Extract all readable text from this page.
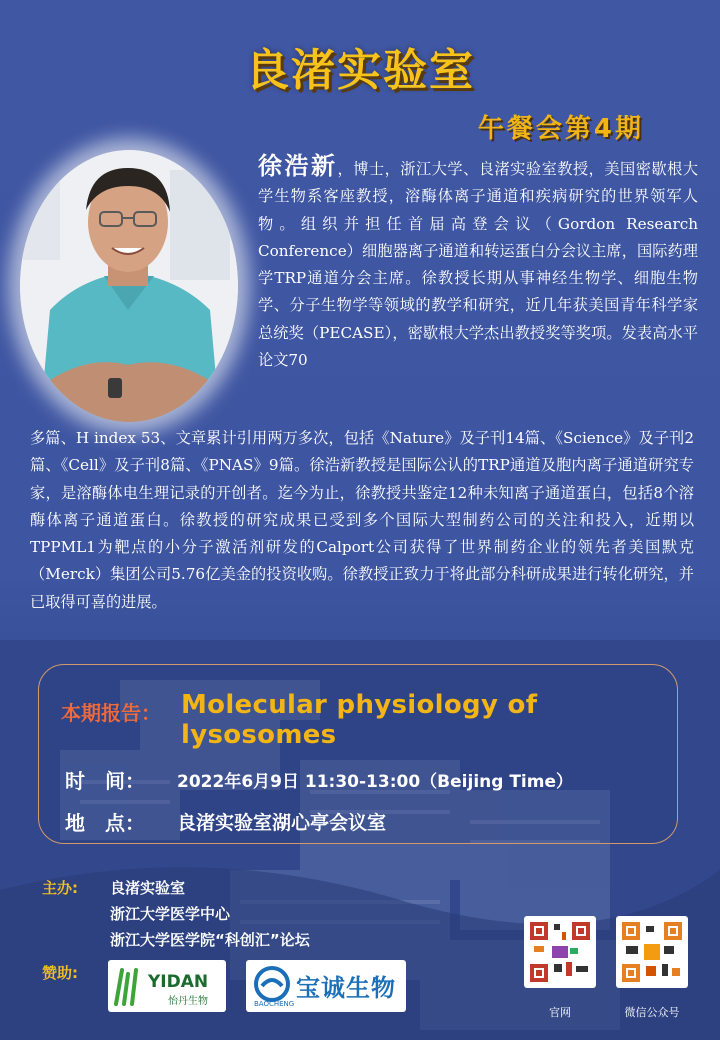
良渚实验室
午餐会第4期
徐浩新，博士，浙江大学、良渚实验室教授，美国密歇根大学生物系客座教授，溶酶体离子通道和疾病研究的世界领军人物。组织并担任首届高登会议（Gordon Research Conference）细胞器离子通道和转运蛋白分会议主席，国际药理学TRP通道分会主席。徐教授长期从事神经生物学、细胞生物学、分子生物学等领域的教学和研究，近几年获美国青年科学家总统奖（PECASE），密歇根大学杰出教授奖等奖项。发表高水平论文70
多篇、H index 53、文章累计引用两万多次，包括《Nature》及子刊14篇、《Science》及子刊2篇、《Cell》及子刊8篇、《PNAS》9篇。徐浩新教授是国际公认的TRP通道及胞内离子通道研究专家，是溶酶体电生理记录的开创者。迄今为止，徐教授共鉴定12种未知离子通道蛋白，包括8个溶酶体离子通道蛋白。徐教授的研究成果已受到多个国际大型制药公司的关注和投入，近期以TPPML1为靶点的小分子激活剂研发的Calport公司获得了世界制药企业的领先者美国默克（Merck）集团公司5.76亿美金的投资收购。徐教授正致力于将此部分科研成果进行转化研究，并已取得可喜的进展。
本期报告： Molecular physiology of lysosomes
时　间： 2022年6月9日 11:30-13:00（Beijing Time）
地　点： 良渚实验室湖心亭会议室
主办: 良渚实验室
浙江大学医学中心
浙江大学医学院“科创汇”论坛
赞助:	YIDAN
怡丹生物	宝诚生物
BAOCHENG
官网	微信公众号
